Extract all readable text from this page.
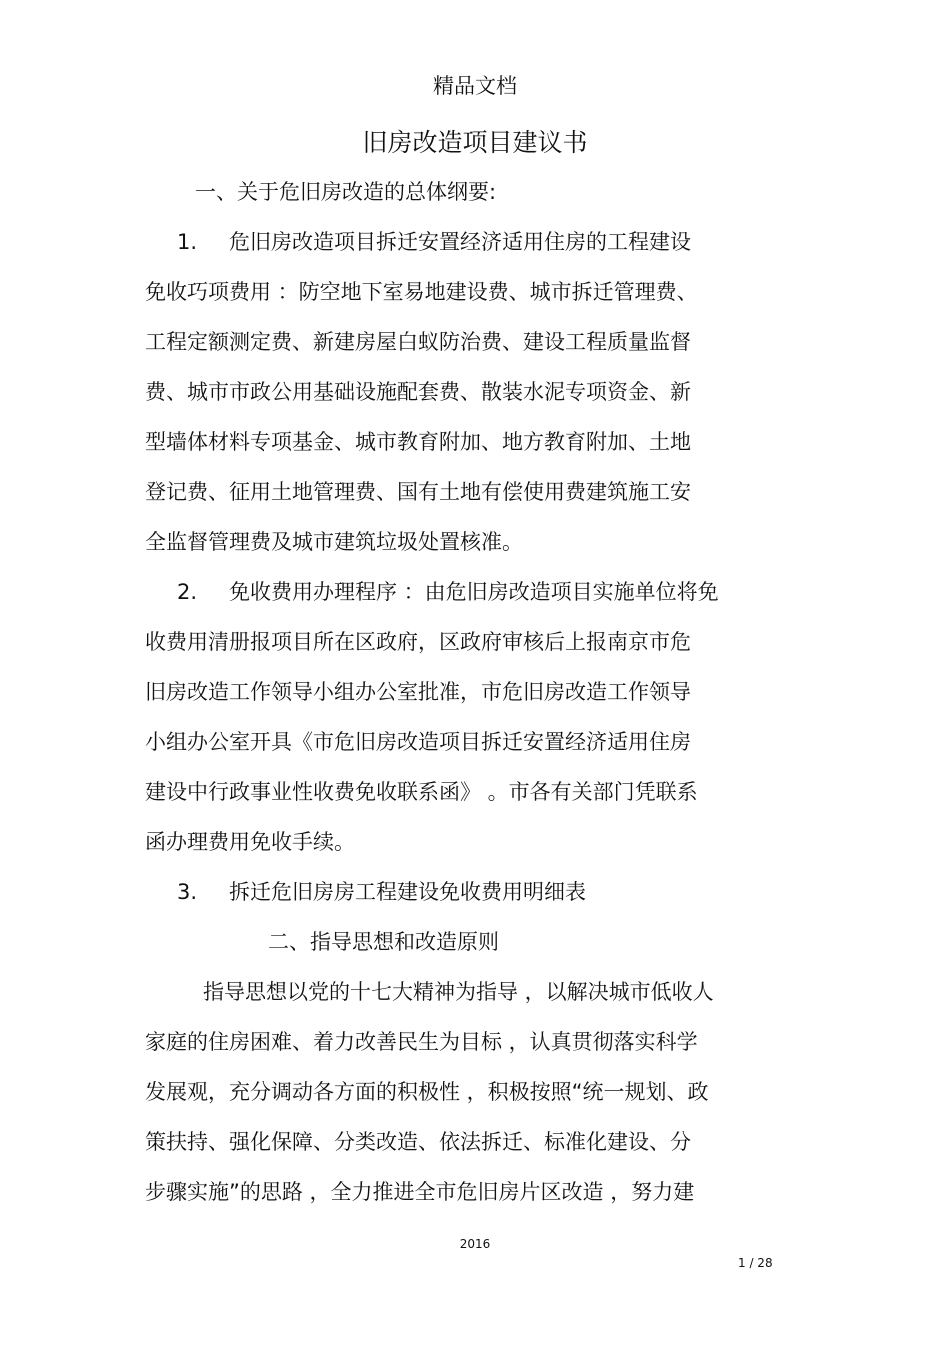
精品文档
旧房改造项目建议书
一、关于危旧房改造的总体纲要:
1. 危旧房改造项目拆迁安置经济适用住房的工程建设
免收巧项费用 ：防空地下室易地建设费、城市拆迁管理费、
工程定额测定费、新建房屋白蚁防治费、建设工程质量监督
费、城市市政公用基础设施配套费、散装水泥专项资金、新
型墙体材料专项基金、城市教育附加、地方教育附加、土地
登记费、征用土地管理费、国有土地有偿使用费建筑施工安
全监督管理费及城市建筑垃圾处置核准。
2. 免收费用办理程序 ：由危旧房改造项目实施单位将免
收费用清册报项目所在区政府，区政府审核后上报南京市危
旧房改造工作领导小组办公室批准，市危旧房改造工作领导
小组办公室开具《市危旧房改造项目拆迁安置经济适用住房
建设中行政事业性收费免收联系函》 。市各有关部门凭联系
函办理费用免收手续。
3. 拆迁危旧房房工程建设免收费用明细表
二、指导思想和改造原则
指导思想以党的十七大精神为指导 ，以解决城市低收人
家庭的住房困难、着力改善民生为目标 ，认真贯彻落实科学
发展观，充分调动各方面的积极性 ，积极按照“统一规划、政
策扶持、强化保障、分类改造、依法拆迁、标准化建设、分
步骤实施”的思路 ，全力推进全市危旧房片区改造 ，努力建
2016
1 / 28
